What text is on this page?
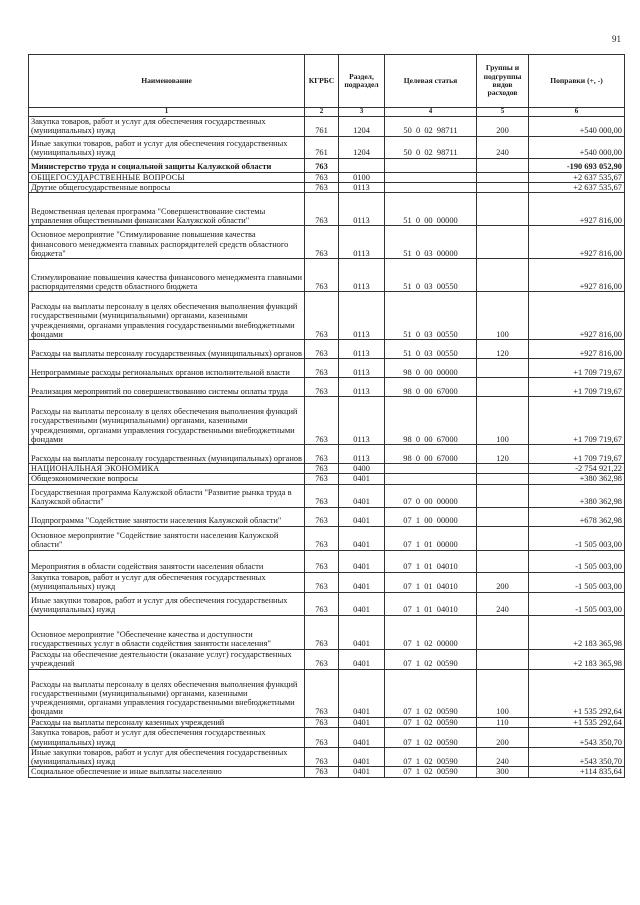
91
Наименование	КГРБС	Раздел, подраздел	Целевая статья	Группы и подгруппы видов расходов	Поправки (+, -)
1	2	3	4	5	6
Закупка товаров, работ и услуг для обеспечения государственных (муниципальных) нужд	761	1204	50  0  02  98711	200	+540 000,00
Иные закупки товаров, работ и услуг для обеспечения государственных (муниципальных) нужд	761	1204	50  0  02  98711	240	+540 000,00
Министерство труда и социальной защиты Калужской области	763				-190 693 052,90
ОБЩЕГОСУДАРСТВЕННЫЕ ВОПРОСЫ	763	0100			+2 637 535,67
Другие общегосударственные вопросы	763	0113			+2 637 535,67
Ведомственная целевая программа "Совершенствование системы управления общественными финансами Калужской области"	763	0113	51  0  00  00000		+927 816,00
Основное мероприятие "Стимулирование повышения качества финансового менеджмента главных распорядителей средств областного бюджета"	763	0113	51  0  03  00000		+927 816,00
Стимулирование повышения качества финансового менеджмента главными распорядителями средств областного бюджета	763	0113	51  0  03  00550		+927 816,00
Расходы на выплаты персоналу в целях обеспечения выполнения функций государственными (муниципальными) органами, казенными учреждениями, органами управления государственными внебюджетными фондами	763	0113	51  0  03  00550	100	+927 816,00
Расходы на выплаты персоналу государственных (муниципальных) органов	763	0113	51  0  03  00550	120	+927 816,00
Непрограммные расходы региональных органов исполнительной власти	763	0113	98  0  00  00000		+1 709 719,67
Реализация мероприятий по совершенствованию системы оплаты труда	763	0113	98  0  00  67000		+1 709 719,67
Расходы на выплаты персоналу в целях обеспечения выполнения функций государственными (муниципальными) органами, казенными учреждениями, органами управления государственными внебюджетными фондами	763	0113	98  0  00  67000	100	+1 709 719,67
Расходы на выплаты персоналу государственных (муниципальных) органов	763	0113	98  0  00  67000	120	+1 709 719,67
НАЦИОНАЛЬНАЯ ЭКОНОМИКА	763	0400			-2 754 921,22
Общеэкономические вопросы	763	0401			+380 362,98
Государственная программа Калужской области "Развитие рынка труда в Калужской области"	763	0401	07  0  00  00000		+380 362,98
Подпрограмма "Содействие занятости населения Калужской области"	763	0401	07  1  00  00000		+678 362,98
Основное мероприятие "Содействие занятости населения Калужской области"	763	0401	07  1  01  00000		-1 505 003,00
Мероприятия в области содействия занятости населения области	763	0401	07  1  01  04010		-1 505 003,00
Закупка товаров, работ и услуг для обеспечения государственных (муниципальных) нужд	763	0401	07  1  01  04010	200	-1 505 003,00
Иные закупки товаров, работ и услуг для обеспечения государственных (муниципальных) нужд	763	0401	07  1  01  04010	240	-1 505 003,00
Основное мероприятие "Обеспечение качества и доступности государственных услуг в области содействия занятости населения"	763	0401	07  1  02  00000		+2 183 365,98
Расходы на обеспечение деятельности (оказание услуг) государственных учреждений	763	0401	07  1  02  00590		+2 183 365,98
Расходы на выплаты персоналу в целях обеспечения выполнения функций государственными (муниципальными) органами, казенными учреждениями, органами управления государственными внебюджетными фондами	763	0401	07  1  02  00590	100	+1 535 292,64
Расходы на выплаты персоналу казенных учреждений	763	0401	07  1  02  00590	110	+1 535 292,64
Закупка товаров, работ и услуг для обеспечения государственных (муниципальных) нужд	763	0401	07  1  02  00590	200	+543 350,70
Иные закупки товаров, работ и услуг для обеспечения государственных (муниципальных) нужд	763	0401	07  1  02  00590	240	+543 350,70
Социальное обеспечение и иные выплаты населению	763	0401	07  1  02  00590	300	+114 835,64
